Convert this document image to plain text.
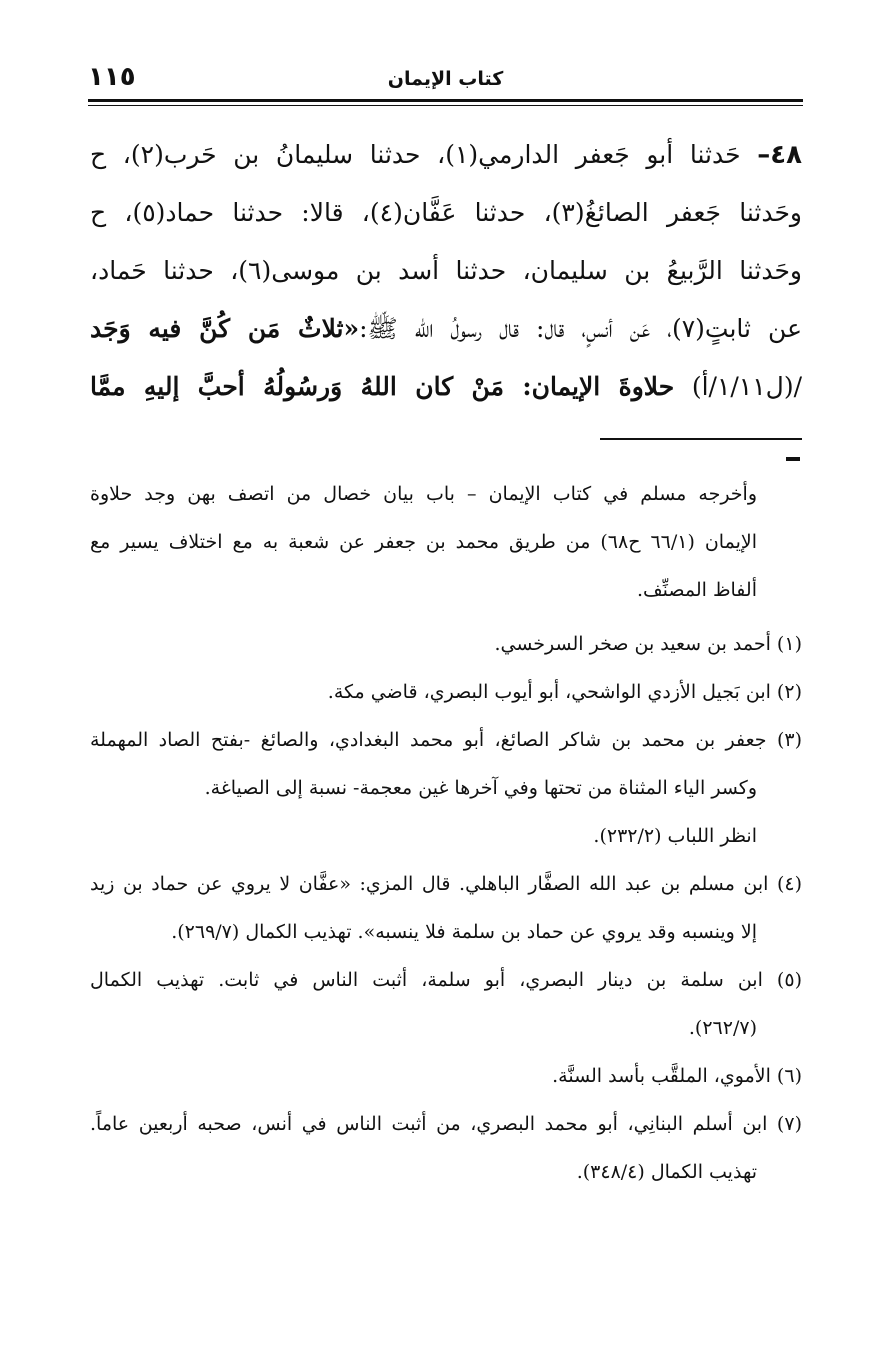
كتاب الإيمان
١١٥
٤٨– حَدثنا أبو جَعفر الدارمي(١)، حدثنا سليمانُ بن حَرب(٢)، ح
وحَدثنا جَعفر الصائغُ(٣)، حدثنا عَفَّان(٤)، قالا: حدثنا حماد(٥)، ح
وحَدثنا الرَّبيعُ بن سليمان، حدثنا أسد بن موسى(٦)، حدثنا حَماد،
عن ثابتٍ(٧)، عَن أنسٍ، قال: قال رسولُ الله ﷺ:«ثلاثٌ مَن كُنَّ فيه وَجَد
/(ل١/١١/أ) حلاوةَ الإيمان: مَنْ كان اللهُ وَرسُولُهُ أحبَّ إليهِ ممَّا
وأخرجه مسلم في كتاب الإيمان – باب بيان خصال من اتصف بهن وجد حلاوة
الإيمان (٦٦/١ ح٦٨) من طريق محمد بن جعفر عن شعبة به مع اختلاف يسير مع
ألفاظ المصنِّف.
(١) أحمد بن سعيد بن صخر السرخسي.
(٢) ابن بَجيل الأزدي الواشحي، أبو أيوب البصري، قاضي مكة.
(٣) جعفر بن محمد بن شاكر الصائغ، أبو محمد البغدادي، والصائغ -بفتح الصاد المهملة
وكسر الياء المثناة من تحتها وفي آخرها غين معجمة- نسبة إلى الصياغة.
انظر اللباب (٢٣٢/٢).
(٤) ابن مسلم بن عبد الله الصفَّار الباهلي. قال المزي: «عفَّان لا يروي عن حماد بن زيد
إلا وينسبه وقد يروي عن حماد بن سلمة فلا ينسبه». تهذيب الكمال (٢٦٩/٧).
(٥) ابن سلمة بن دينار البصري، أبو سلمة، أثبت الناس في ثابت. تهذيب الكمال
(٢٦٢/٧).
(٦) الأموي، الملقَّب بأسد السنَّة.
(٧) ابن أسلم البنانِي، أبو محمد البصري، من أثبت الناس في أنس، صحبه أربعين عاماً.
تهذيب الكمال (٣٤٨/٤).
